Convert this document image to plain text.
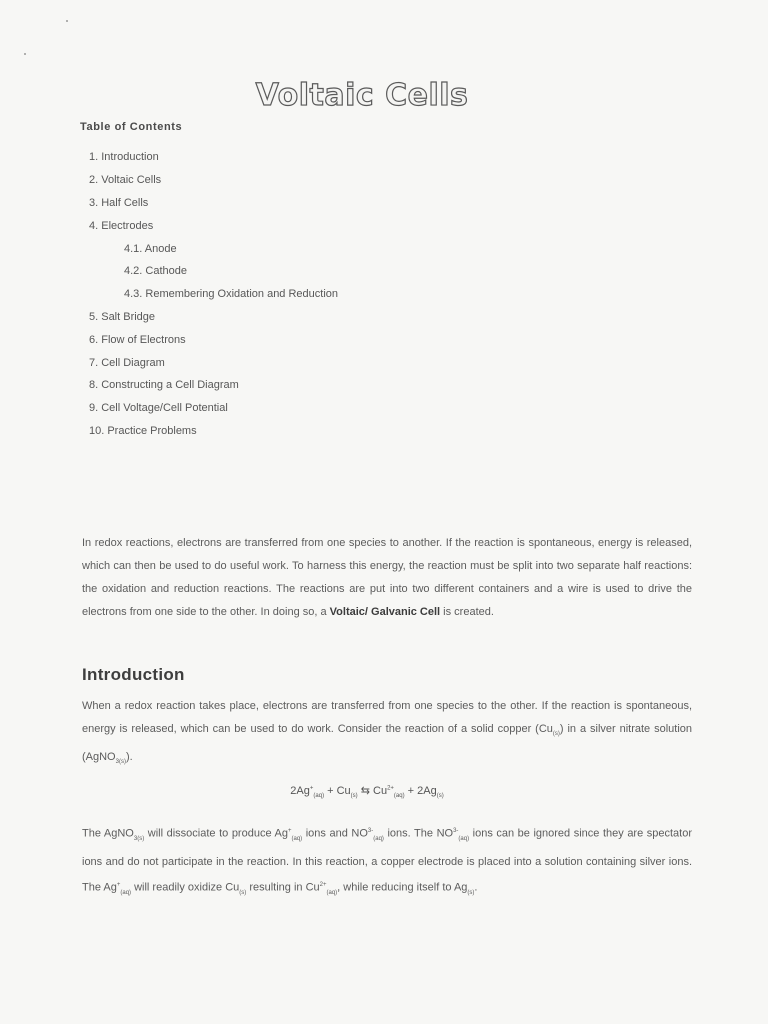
Voltaic Cells
Table of Contents
1. Introduction
2. Voltaic Cells
3. Half Cells
4. Electrodes
4.1. Anode
4.2. Cathode
4.3. Remembering Oxidation and Reduction
5. Salt Bridge
6. Flow of Electrons
7. Cell Diagram
8. Constructing a Cell Diagram
9. Cell Voltage/Cell Potential
10. Practice Problems

In redox reactions, electrons are transferred from one species to another. If the reaction is spontaneous, energy is released, which can then be used to do useful work. To harness this energy, the reaction must be split into two separate half reactions: the oxidation and reduction reactions. The reactions are put into two different containers and a wire is used to drive the electrons from one side to the other. In doing so, a Voltaic/ Galvanic Cell is created.

Introduction

When a redox reaction takes place, electrons are transferred from one species to the other. If the reaction is spontaneous, energy is released, which can be used to do work. Consider the reaction of a solid copper $(Cu_{(s)})$ in a silver nitrate solution (AgNO$_{3(s)}$).

$2Ag^+_{(aq)} + Cu_{(s)}$ ⇆ $Cu^{2+}_{(aq)} + 2Ag_{(s)}$

The AgNO$_{3(s)}$ will dissociate to produce $Ag^+_{(aq)}$ ions and $NO^{3-}_{(aq)}$ ions. The $NO^{3-}_{(aq)}$ ions can be ignored since they are spectator ions and do not participate in the reaction. In this reaction, a copper electrode is placed into a solution containing silver ions. The $Ag^+_{(aq)}$ will readily oxidize $Cu_{(s)}$ resulting in $Cu^{2+}_{(aq)}$, while reducing itself to $Ag_{(s)}$.
